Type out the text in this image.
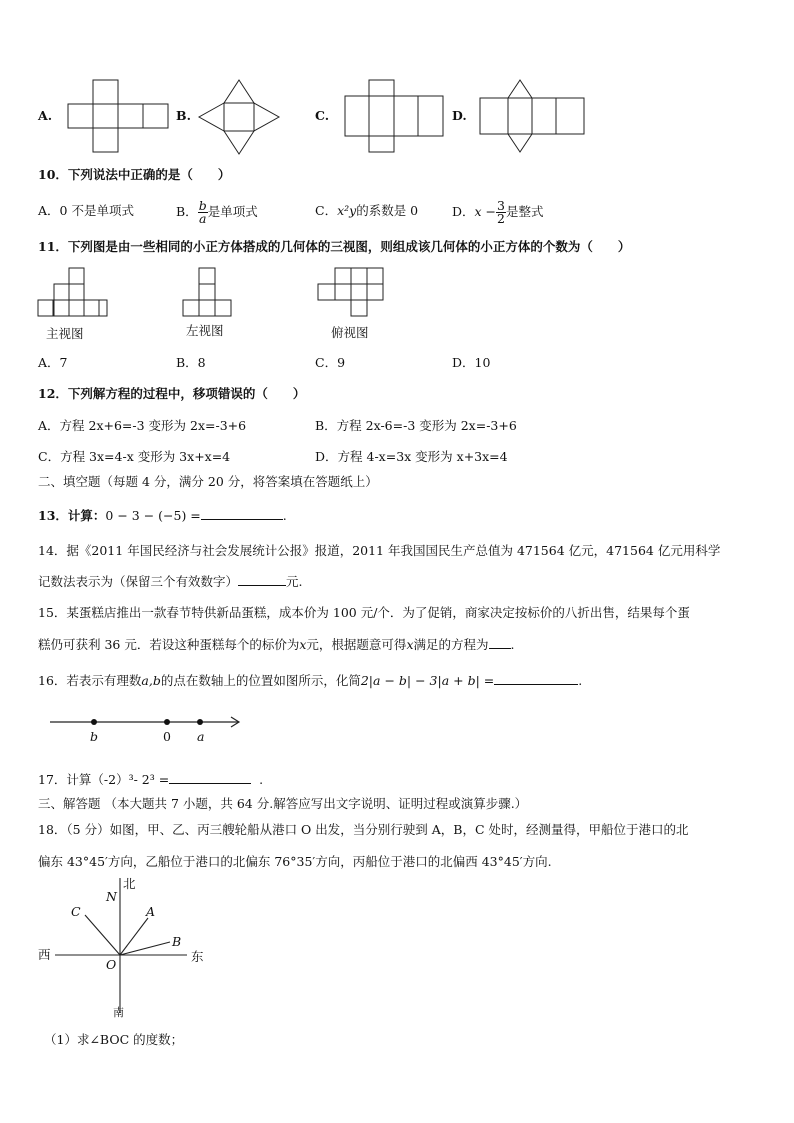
A.	B.	C.	D.
10．下列说法中正确的是（　　）
A．0 不是单项式	B． $\frac{b}{a}$ 是单项式	C．x²y的系数是 0	D．$x - \frac{3}{2}$ 是整式
11．下列图是由一些相同的小正方体搭成的几何体的三视图，则组成该几何体的小正方体的个数为（　　）
主视图	左视图	俯视图
A．7	B．8	C．9	D．10
12．下列解方程的过程中，移项错误的（　　）
A．方程 2x+6=-3 变形为 2x=-3+6	B．方程 2x-6=-3 变形为 2x=-3+6
C．方程 3x=4-x 变形为 3x+x=4	D．方程 4-x=3x 变形为 x+3x=4
二、填空题（每题 4 分，满分 20 分，将答案填在答题纸上）
13．计算：0 − 3 − (−5) =	.
14．据《2011 年国民经济与社会发展统计公报》报道，2011 年我国国民生产总值为 471564 亿元，471564 亿元用科学
记数法表示为（保留三个有效数字）	元.
15．某蛋糕店推出一款春节特供新品蛋糕，成本价为 100 元/个．为了促销，商家决定按标价的八折出售，结果每个蛋
糕仍可获利 36 元．若设这种蛋糕每个的标价为x元，根据题意可得x满足的方程为 .
16．若表示有理数a,b的点在数轴上的位置如图所示，化简2|a − b| − 3|a + b| =	.
b	0 a
17．计算（-2）³- 2³ =	.
三、解答题 （本大题共 7 小题，共 64 分.解答应写出文字说明、证明过程或演算步骤.）
18．（5 分）如图，甲、乙、丙三艘轮船从港口 O 出发，当分别行驶到 A，B，C 处时，经测量得，甲船位于港口的北
偏东 43°45′方向，乙船位于港口的北偏东 76°35′方向，丙船位于港口的北偏西 43°45′方向.
北
N
C	A
B
西	东
O
南
（1）求∠BOC 的度数；
